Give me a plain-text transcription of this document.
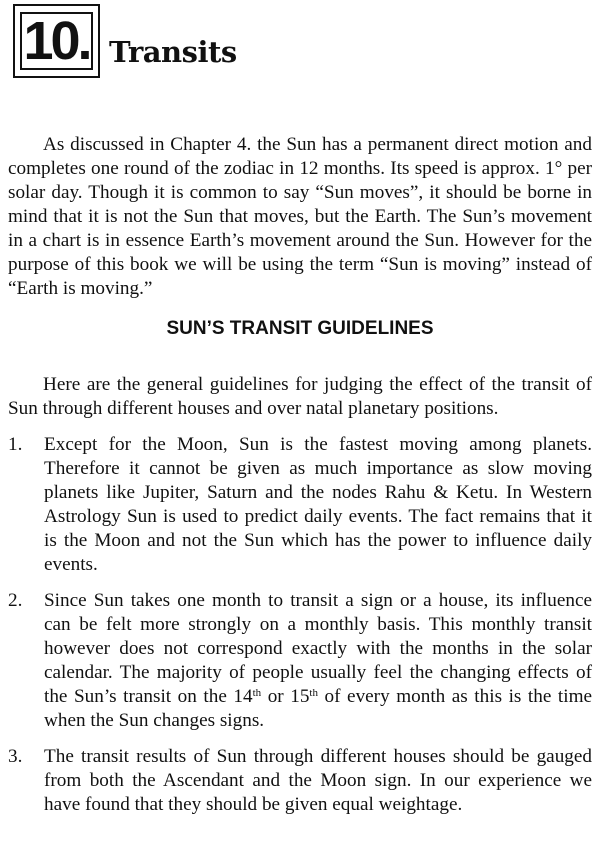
10. Transits

As discussed in Chapter 4. the Sun has a permanent direct motion and completes one round of the zodiac in 12 months. Its speed is approx. 1° per solar day. Though it is common to say “Sun moves”, it should be borne in mind that it is not the Sun that moves, but the Earth. The Sun’s movement in a chart is in essence Earth’s movement around the Sun. However for the purpose of this book we will be using the term “Sun is moving” instead of “Earth is moving.”

SUN’S TRANSIT GUIDELINES

Here are the general guidelines for judging the effect of the transit of Sun through different houses and over natal planetary positions.

1.	Except for the Moon, Sun is the fastest moving among planets. Therefore it cannot be given as much importance as slow moving planets like Jupiter, Saturn and the nodes Rahu & Ketu. In Western Astrology Sun is used to predict daily events. The fact remains that it is the Moon and not the Sun which has the power to influence daily events.
2.	Since Sun takes one month to transit a sign or a house, its influence can be felt more strongly on a monthly basis. This monthly transit however does not correspond exactly with the months in the solar calendar. The majority of people usually feel the changing effects of the Sun’s transit on the 14th or 15th of every month as this is the time when the Sun changes signs.
3.	The transit results of Sun through different houses should be gauged from both the Ascendant and the Moon sign. In our experience we have found that they should be given equal weightage.
